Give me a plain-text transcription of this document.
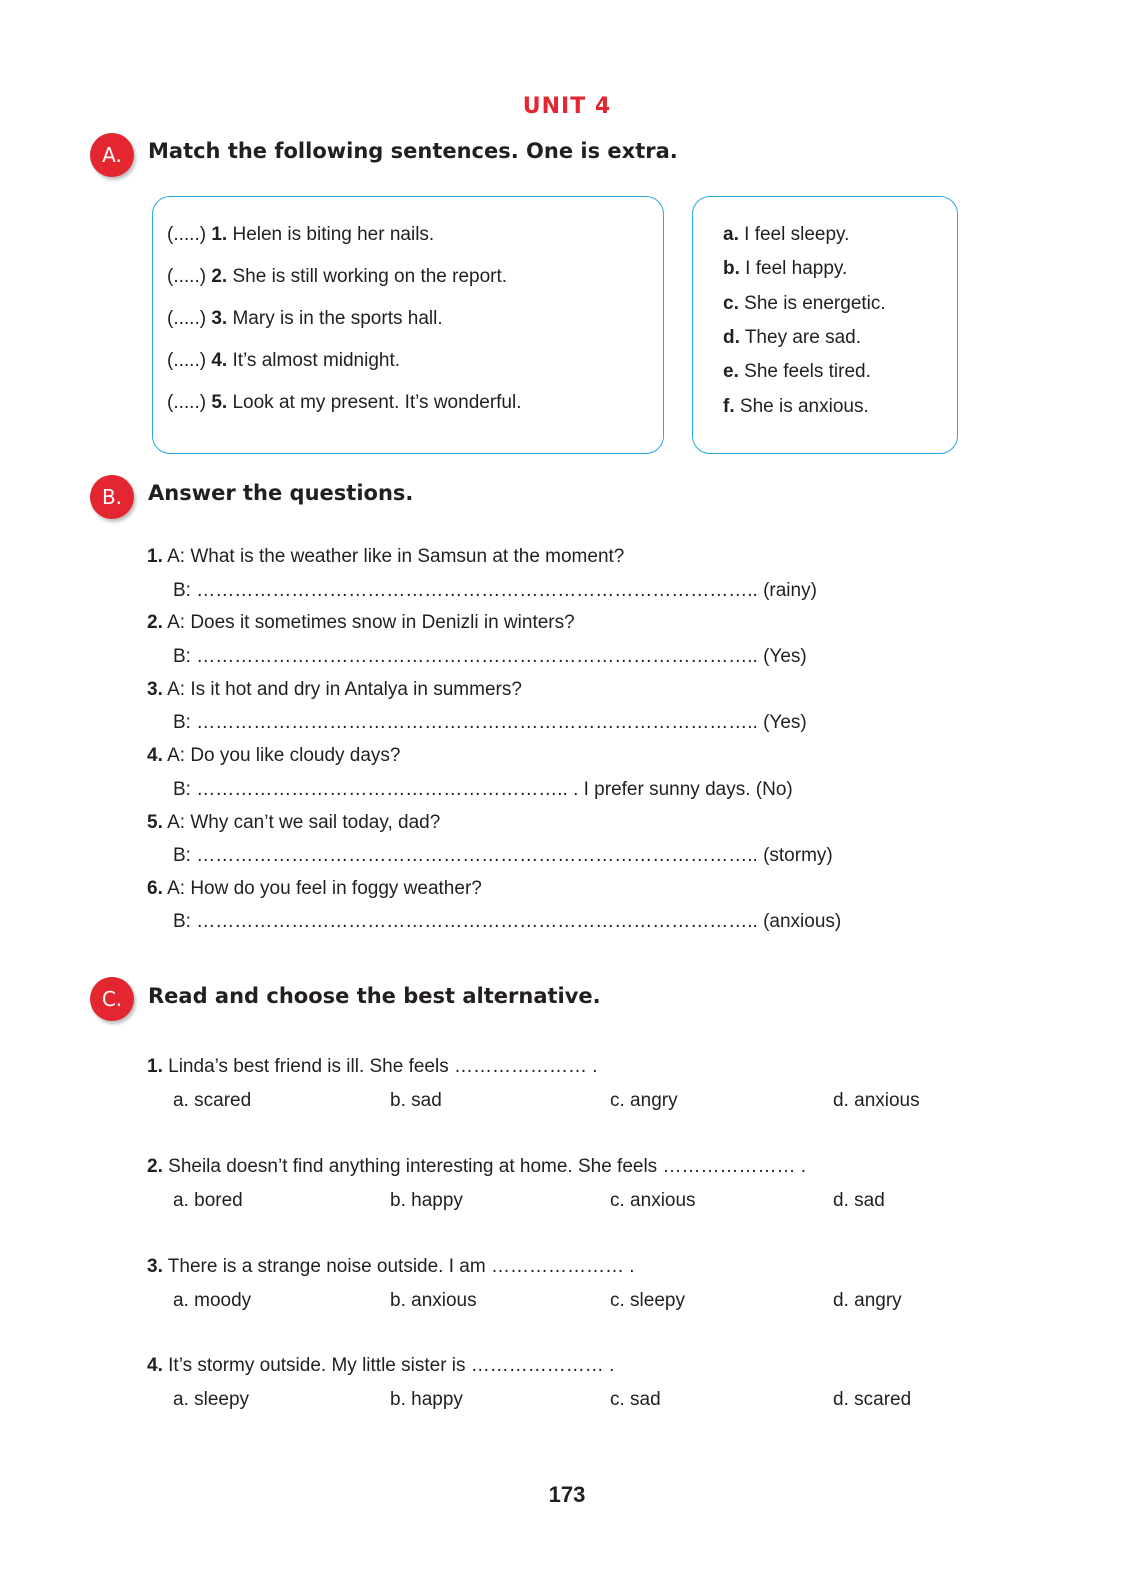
UNIT 4
A.	Match the following sentences. One is extra.
(.....) 1. Helen is biting her nails.
(.....) 2. She is still working on the report.
(.....) 3. Mary is in the sports hall.
(.....) 4. It’s almost midnight.
(.....) 5. Look at my present. It’s wonderful.
a. I feel sleepy.
b. I feel happy.
c. She is energetic.
d. They are sad.
e. She feels tired.
f. She is anxious.
B.	Answer the questions.
1. A: What is the weather like in Samsun at the moment?
B: …………………………………………………………………………….. (rainy)
2. A: Does it sometimes snow in Denizli in winters?
B: …………………………………………………………………………….. (Yes)
3. A: Is it hot and dry in Antalya in summers?
B: …………………………………………………………………………….. (Yes)
4. A: Do you like cloudy days?
B: ………………………………………………….. . I prefer sunny days. (No)
5. A: Why can’t we sail today, dad?
B: …………………………………………………………………………….. (stormy)
6. A: How do you feel in foggy weather?
B: …………………………………………………………………………….. (anxious)
C.	Read and choose the best alternative.
1. Linda’s best friend is ill. She feels ………………… .
a. scared	b. sad	c. angry	d. anxious
2. Sheila doesn’t find anything interesting at home. She feels ………………… .
a. bored	b. happy	c. anxious	d. sad
3. There is a strange noise outside. I am ………………… .
a. moody	b. anxious	c. sleepy	d. angry
4. It’s stormy outside. My little sister is ………………… .
a. sleepy	b. happy	c. sad	d. scared
173
